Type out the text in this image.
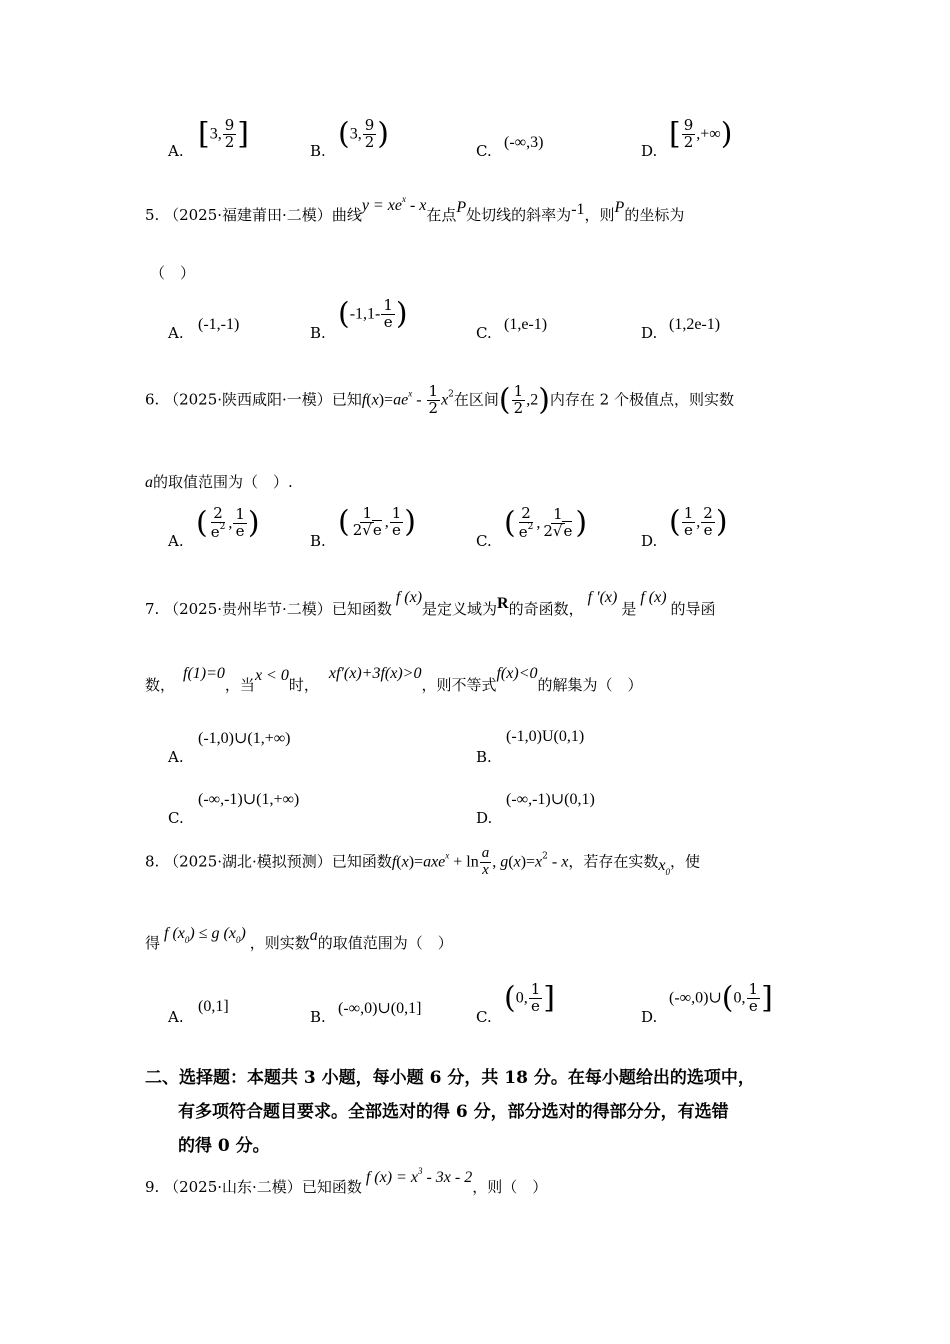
A. [3, $\frac{9}{2}$ ]	B. (3, $\frac{9}{2}$ )	C. (-∞,3)	D. [ $\frac{9}{2}$ ,+∞)
5. （2025·福建莆田·二模）曲线$y = xe^x - x$在点P处切线的斜率为-1，则P的坐标为
（　）
A. (-1,-1)	B.
($-1,1- \frac{1}{e}$ )
C. (1,e-1)	D. (1,2e-1)
6. （2025·陕西咸阳·一模）已知$f(x)=ae^x - \frac{1}{2} x^2$在区间( $\frac{1}{2} ,2$)内存在 2 个极值点，则实数
a的取值范围为（　）.
A.
( $\frac{2}{e^2}$ , $\frac{1}{e}$ )
B.
( $\frac{1}{2√e}$ , $\frac{1}{e}$ )
C.
( $\frac{2}{e^2}$ , $\frac{1}{2√e}$ )
D.
( $\frac{1}{e}$ , $\frac{2}{e}$ )
7. （2025·贵州毕节·二模）已知函数 f (x)是定义域为R的奇函数， f ′(x) 是 f (x) 的导函
数，f(1)=0，当x < 0时，xf′(x)+3f(x)>0，则不等式f(x)<0的解集为（　）
A.
(-1,0)∪(1,+∞)
B.
(-1,0)U(0,1)
C.
(-∞,-1)∪(1,+∞)
D.
(-∞,-1)∪(0,1)
8. （2025·湖北·模拟预测）已知函数$f(x)=axe^x + \ln \frac{a}{x}$ , $g(x)=x^2 - x$，若存在实数$x_0$，使
得 f $(x_0) \le g$ $(x_0)$ ，则实数a的取值范围为（　）
A.
(0,1]
B. (-∞,0)∪(0,1]	C.
(0, $\frac{1}{e}$ ]
D.
(-∞,0)∪(0, $\frac{1}{e}$ ]
二、选择题：本题共 3 小题，每小题 6 分，共 18 分。在每小题给出的选项中，
有多项符合题目要求。全部选对的得 6 分，部分选对的得部分分，有选错
的得 0 分。
9. （2025·山东·二模）已知函数 f $(x) = x^3 - 3x - 2$，则（　）
